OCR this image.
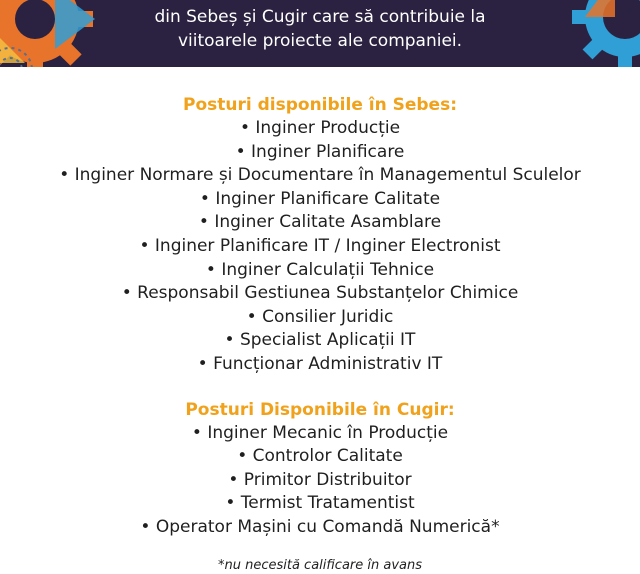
din Sebeș și Cugir care să contribuie la
viitoarele proiecte ale companiei.
Posturi disponibile în Sebes:
• Inginer Producție
• Inginer Planificare
• Inginer Normare și Documentare în Managementul Sculelor
• Inginer Planificare Calitate
• Inginer Calitate Asamblare
• Inginer Planificare IT / Inginer Electronist
• Inginer Calculații Tehnice
• Responsabil Gestiunea Substanțelor Chimice
• Consilier Juridic
• Specialist Aplicații IT
• Funcționar Administrativ IT
Posturi Disponibile în Cugir:
• Inginer Mecanic în Producție
• Controlor Calitate
• Primitor Distribuitor
• Termist Tratamentist
• Operator Mașini cu Comandă Numerică*
*nu necesită calificare în avans
